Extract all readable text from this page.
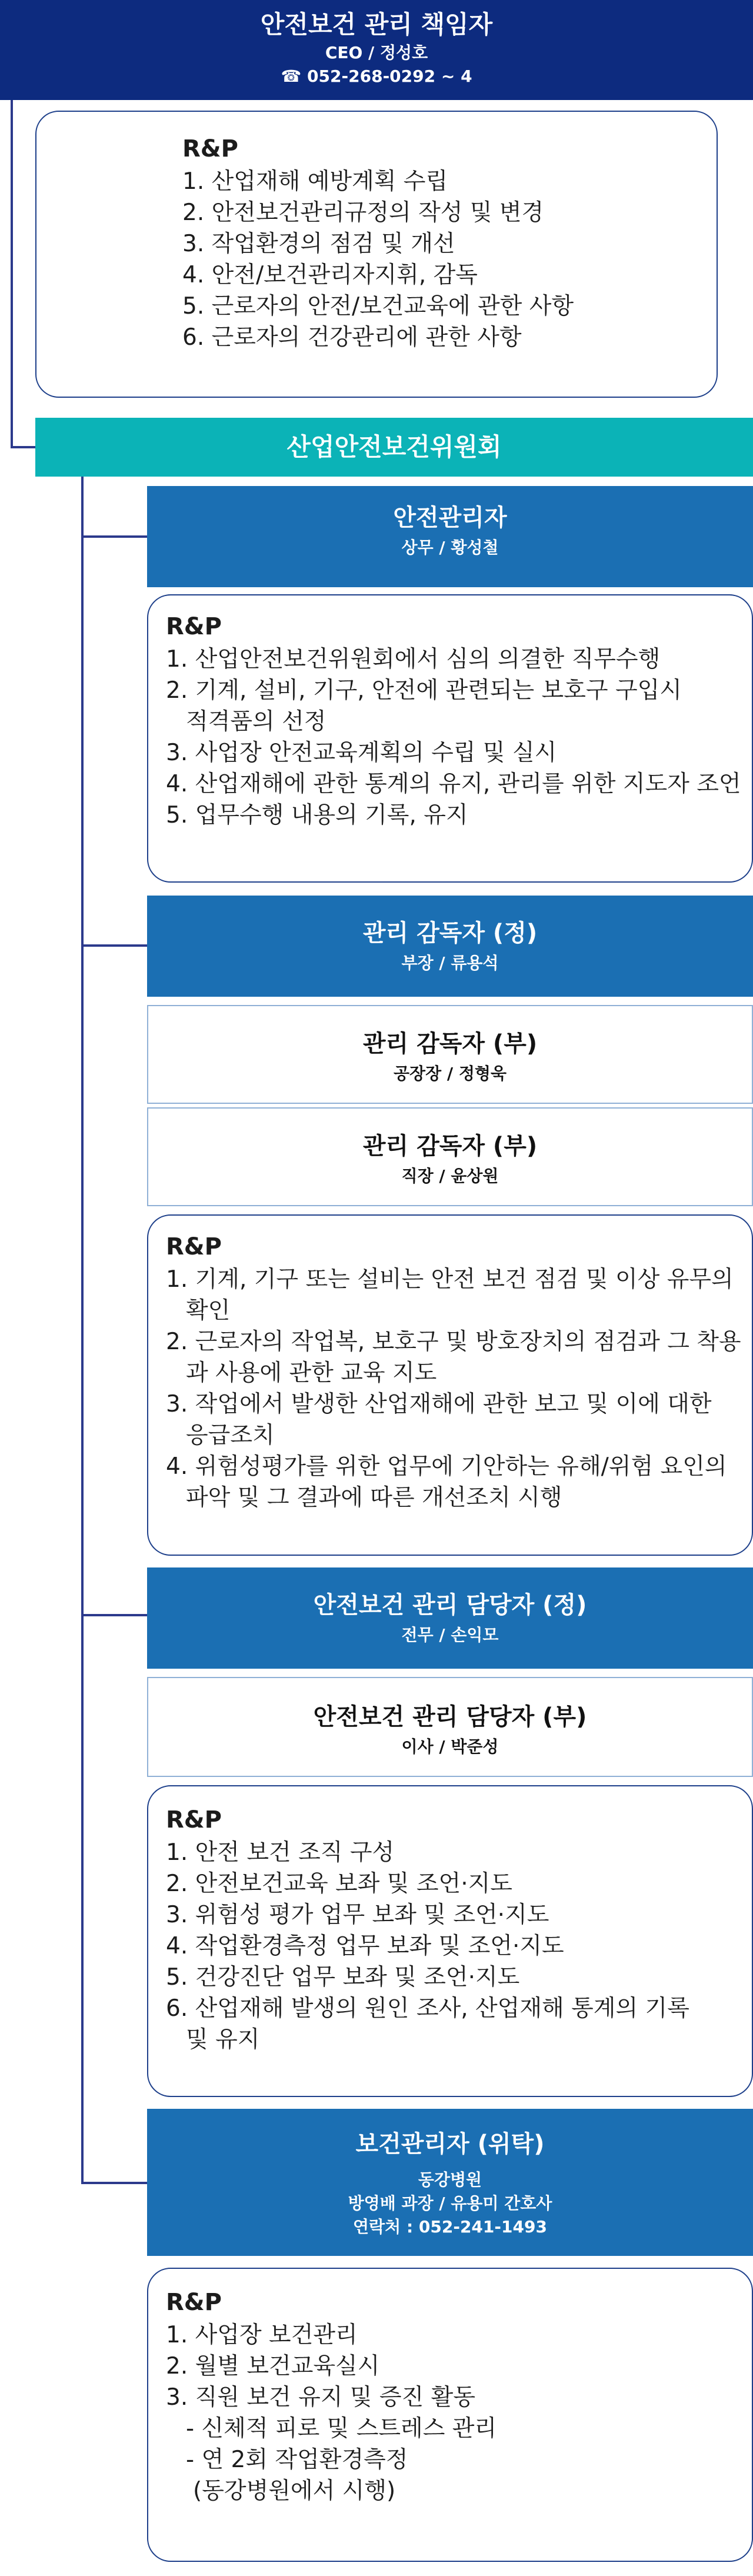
안전보건 관리 책임자
CEO / 정성호
☎ 052-268-0292 ~ 4
R&P
1. 산업재해 예방계획 수립
2. 안전보건관리규정의 작성 및 변경
3. 작업환경의 점검 및 개선
4. 안전/보건관리자지휘, 감독
5. 근로자의 안전/보건교육에 관한 사항
6. 근로자의 건강관리에 관한 사항
산업안전보건위원회
안전관리자
상무 / 황성철
R&P
1. 산업안전보건위원회에서 심의 의결한 직무수행
2. 기계, 설비, 기구, 안전에 관련되는 보호구 구입시
적격품의 선정
3. 사업장 안전교육계획의 수립 및 실시
4. 산업재해에 관한 통계의 유지, 관리를 위한 지도자 조언
5. 업무수행 내용의 기록, 유지
관리 감독자 (정)
부장 / 류용석
관리 감독자 (부)
공장장 / 정형욱
관리 감독자 (부)
직장 / 윤상원
R&P
1. 기계, 기구 또는 설비는 안전 보건 점검 및 이상 유무의
확인
2. 근로자의 작업복, 보호구 및 방호장치의 점검과 그 착용
과 사용에 관한 교육 지도
3. 작업에서 발생한 산업재해에 관한 보고 및 이에 대한
응급조치
4. 위험성평가를 위한 업무에 기안하는 유해/위험 요인의
파악 및 그 결과에 따른 개선조치 시행
안전보건 관리 담당자 (정)
전무 / 손익모
안전보건 관리 담당자 (부)
이사 / 박준성
R&P
1. 안전 보건 조직 구성
2. 안전보건교육 보좌 및 조언·지도
3. 위험성 평가 업무 보좌 및 조언·지도
4. 작업환경측정 업무 보좌 및 조언·지도
5. 건강진단 업무 보좌 및 조언·지도
6. 산업재해 발생의 원인 조사, 산업재해 통계의 기록
및 유지
보건관리자 (위탁)
동강병원
방영배 과장 / 유용미 간호사
연락처 : 052-241-1493
R&P
1. 사업장 보건관리
2. 월별 보건교육실시
3. 직원 보건 유지 및 증진 활동
- 신체적 피로 및 스트레스 관리
- 연 2회 작업환경측정
(동강병원에서 시행)
